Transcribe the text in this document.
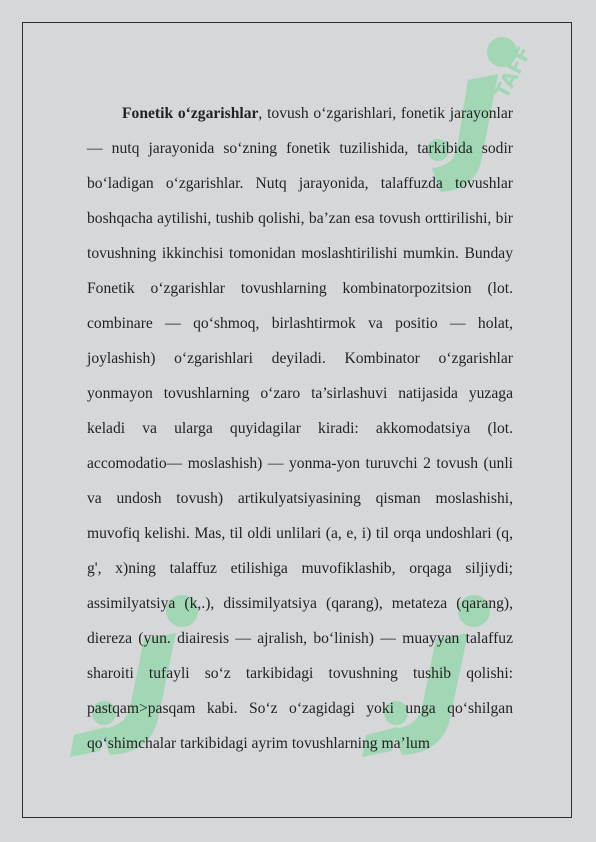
TAFF

Fonetik o‘zgarishlar, tovush o‘zgarishlari, fonetik jarayonlar — nutq jarayonida so‘zning fonetik tuzilishida, tarkibida sodir bo‘ladigan o‘zgarishlar. Nutq jarayonida, talaffuzda tovushlar boshqacha aytilishi, tushib qolishi, ba’zan esa tovush orttirilishi, bir tovushning ikkinchisi tomonidan moslashtirilishi mumkin. Bunday Fonetik o‘zgarishlar tovushlarning kombinatorpozitsion (lot. combinare — qo‘shmoq, birlashtirmok va positio — holat, joylashish) o‘zgarishlari deyiladi. Kombinator o‘zgarishlar yonmayon tovushlarning o‘zaro ta’sirlashuvi natijasida yuzaga keladi va ularga quyidagilar kiradi: akkomodatsiya (lot. accomodatio— moslashish) — yonma-yon turuvchi 2 tovush (unli va undosh tovush) artikulyatsiyasining qisman moslashishi, muvofiq kelishi. Mas, til oldi unlilari (a, e, i) til orqa undoshlari (q, g', x)ning talaffuz etilishiga muvofiklashib, orqaga siljiydi; assimilyatsiya (k,.), dissimilyatsiya (qarang), metateza (qarang), diereza (yun. diairesis — ajralish, bo‘linish) — muayyan talaffuz sharoiti tufayli so‘z tarkibidagi tovushning tushib qolishi: pastqam>pasqam kabi. So‘z o‘zagidagi yoki unga qo‘shilgan qo‘shimchalar tarkibidagi ayrim tovushlarning ma’lum
